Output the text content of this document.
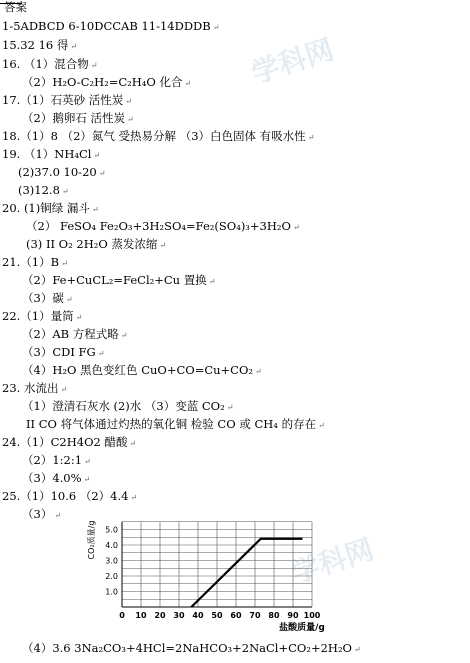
学科网
学科网
答案
1-5ADBCD 6-10DCCAB 11-14DDDB ↵
15.32 16 得 ↵
16. （1）混合物 ↵
（2）H₂O-C₂H₂=C₂H₄O 化合 ↵
17.（1）石英砂 活性炭 ↵
（2）鹅卵石 活性炭 ↵
18.（1）8 （2）氮气 受热易分解 （3）白色固体 有吸水性 ↵
19. （1）NH₄Cl ↵
(2)37.0 10-20 ↵
(3)12.8 ↵
20. (1)铜绿 漏斗 ↵
（2） FeSO₄ Fe₂O₃+3H₂SO₄=Fe₂(SO₄)₃+3H₂O ↵
(3) II O₂ 2H₂O 蒸发浓缩 ↵
21.（1）B ↵
（2）Fe+CuCL₂=FeCl₂+Cu 置换 ↵
（3）碳 ↵
22.（1）量筒 ↵
（2）AB 方程式略 ↵
（3）CDI FG ↵
（4）H₂O 黑色变红色 CuO+CO=Cu+CO₂ ↵
23. 水流出 ↵
（1）澄清石灰水 (2)水 （3）变蓝 CO₂ ↵
II CO 将气体通过灼热的氧化铜 检验 CO 或 CH₄ 的存在 ↵
24.（1）C2H4O2 醋酸 ↵
（2）1:2:1 ↵
（3）4.0% ↵
25.（1）10.6 （2）4.4 ↵
（3） ↵
0 10 20 30 40 50 60 70 80 90 100
1.0
2.0
3.0
4.0
5.0
盐酸质量/g
CO₂质量/g
（4）3.6 3Na₂CO₃+4HCl=2NaHCO₃+2NaCl+CO₂+2H₂O ↵
